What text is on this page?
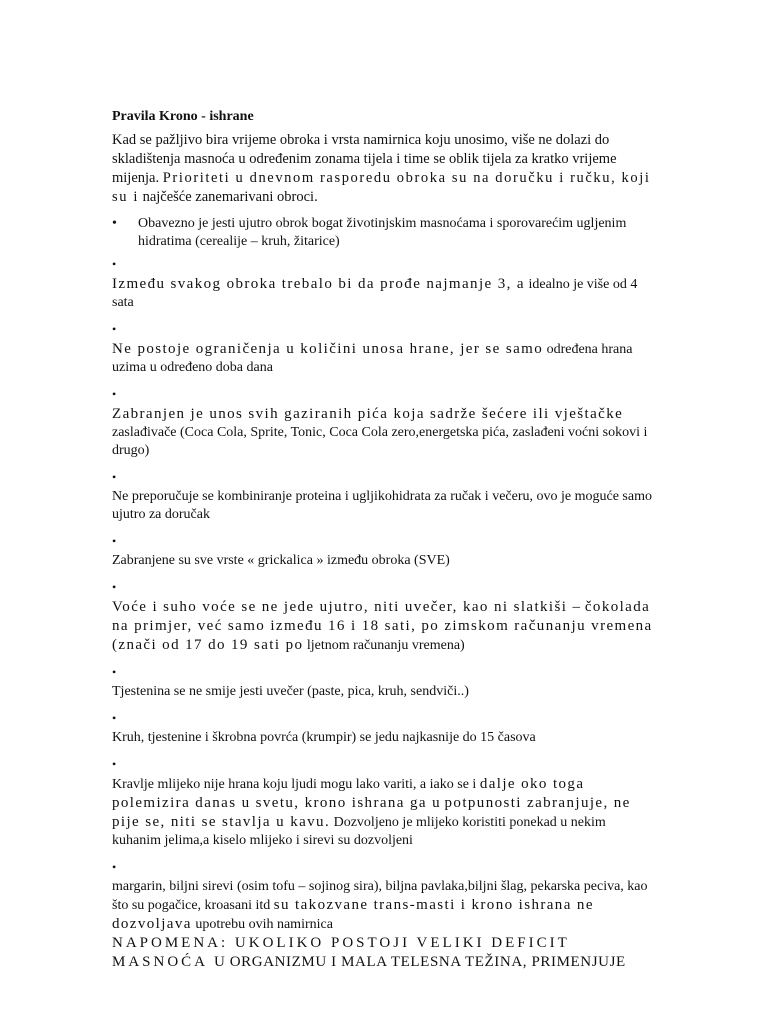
Pravila Krono - ishrane
Kad se pažljivo bira vrijeme obroka i vrsta namirnica koju unosimo, više ne dolazi do skladištenja masnoća u određenim zonama tijela i time se oblik tijela za kratko vrijeme mijenja. Prioriteti u dnevnom rasporedu obroka su na doručku i ručku, koji su i najčešće zanemarivani obroci.
•	Obavezno je jesti ujutro obrok bogat životinjskim masnoćama i sporovarećim ugljenim hidratima (cerealije – kruh, žitarice)
•
Između svakog obroka trebalo bi da prođe najmanje 3, a idealno je više od 4 sata
•
Ne postoje ograničenja u količini unosa hrane, jer se samo određena hrana uzima u određeno doba dana
•
Zabranjen je unos svih gaziranih pića koja sadrže šećere ili vještačke zaslađivače (Coca Cola, Sprite, Tonic, Coca Cola zero,energetska pića, zaslađeni voćni sokovi i drugo)
•
Ne preporučuje se kombiniranje proteina i ugljikohidrata za ručak i večeru, ovo je moguće samo ujutro za doručak
•
Zabranjene su sve vrste « grickalica » između obroka (SVE)
•
Voće i suho voće se ne jede ujutro, niti uvečer, kao ni slatkiši – čokolada na primjer, već samo između 16 i 18 sati, po zimskom računanju vremena (znači od 17 do 19 sati po ljetnom računanju vremena)
•
Tjestenina se ne smije jesti uvečer (paste, pica, kruh, sendviči..)
•
Kruh, tjestenine i škrobna povrća (krumpir) se jedu najkasnije do 15 časova
•
Kravlje mlijeko nije hrana koju ljudi mogu lako variti, a iako se i dalje oko toga polemizira danas u svetu, krono ishrana ga u potpunosti zabranjuje, ne pije se, niti se stavlja u kavu. Dozvoljeno je mlijeko koristiti ponekad u nekim kuhanim jelima,a kiselo mlijeko i sirevi su dozvoljeni
•
margarin, biljni sirevi (osim tofu – sojinog sira), biljna pavlaka,biljni šlag, pekarska peciva, kao što su pogačice, kroasani itd su takozvane trans-masti i krono ishrana ne dozvoljava upotrebu ovih namirnica
NAPOMENA: UKOLIKO POSTOJI VELIKI DEFICIT MASNOĆA U ORGANIZMU I MALA TELESNA TEŽINA, PRIMENJUJE
